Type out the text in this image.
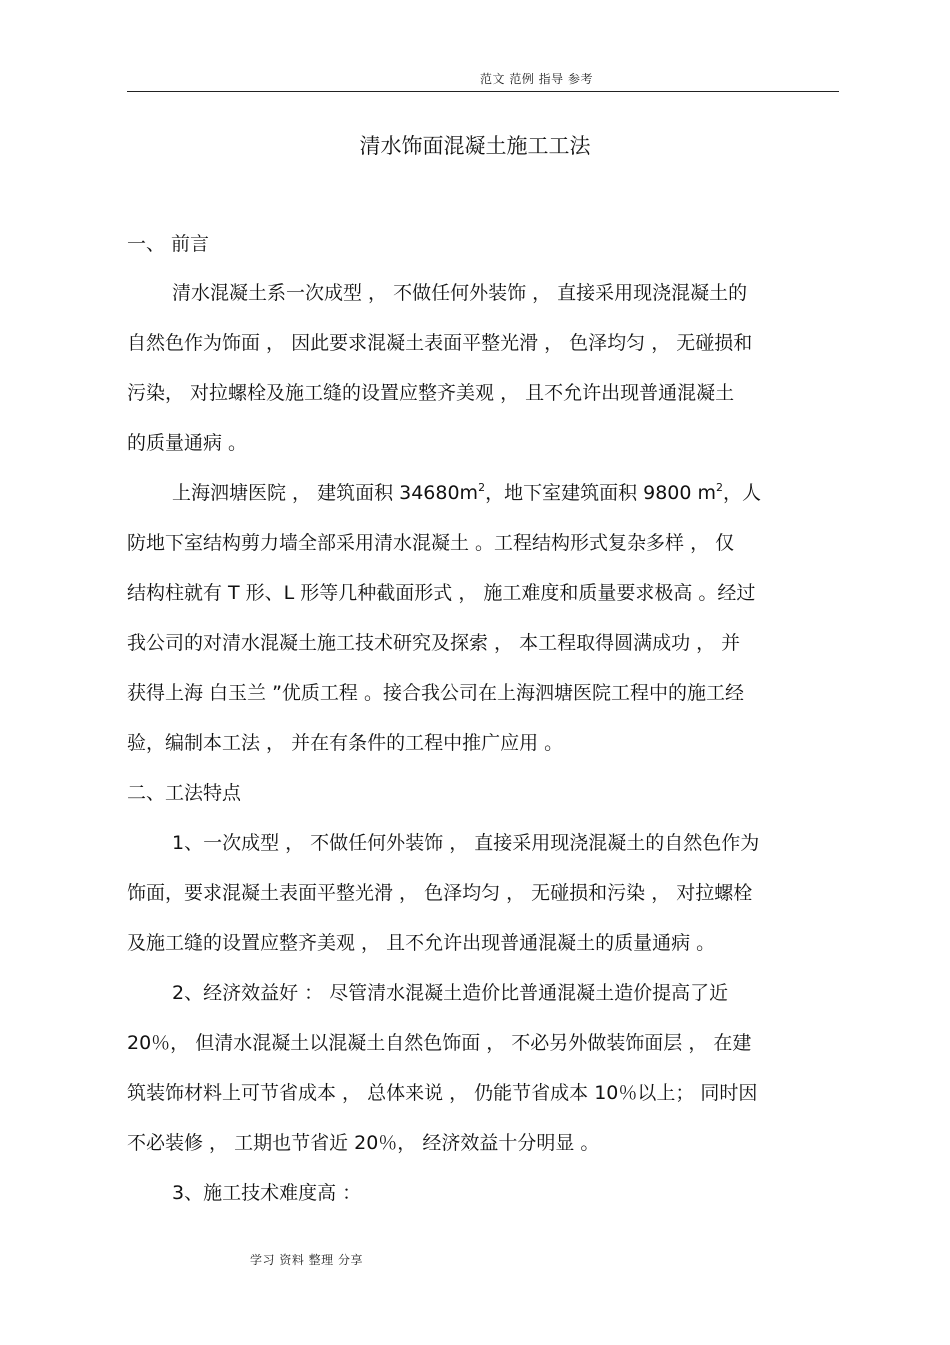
范文 范例 指导 参考
清水饰面混凝土施工工法
一、 前言
清水混凝土系一次成型 ， 不做任何外装饰 ， 直接采用现浇混凝土的
自然色作为饰面 ， 因此要求混凝土表面平整光滑 ， 色泽均匀 ， 无碰损和
污染， 对拉螺栓及施工缝的设置应整齐美观 ， 且不允许出现普通混凝土
的质量通病 。
上海泗塘医院 ， 建筑面积 $34680m^2$，地下室建筑面积 9800 $m^2$，人
防地下室结构剪力墙全部采用清水混凝土 。工程结构形式复杂多样 ， 仅
结构柱就有 T 形、L 形等几种截面形式 ， 施工难度和质量要求极高 。经过
我公司的对清水混凝土施工技术研究及探索 ， 本工程取得圆满成功 ， 并
获得上海 白玉兰 ”优质工程 。接合我公司在上海泗塘医院工程中的施工经
验，编制本工法 ， 并在有条件的工程中推广应用 。
二、工法特点
1、一次成型 ， 不做任何外装饰 ， 直接采用现浇混凝土的自然色作为
饰面，要求混凝土表面平整光滑 ， 色泽均匀 ， 无碰损和污染 ， 对拉螺栓
及施工缝的设置应整齐美观 ， 且不允许出现普通混凝土的质量通病 。
2、经济效益好 ： 尽管清水混凝土造价比普通混凝土造价提高了近
20％， 但清水混凝土以混凝土自然色饰面 ， 不必另外做装饰面层 ， 在建
筑装饰材料上可节省成本 ， 总体来说 ， 仍能节省成本 10％以上； 同时因
不必装修 ， 工期也节省近 20％， 经济效益十分明显 。
3、施工技术难度高 ：
学习 资料 整理 分享
